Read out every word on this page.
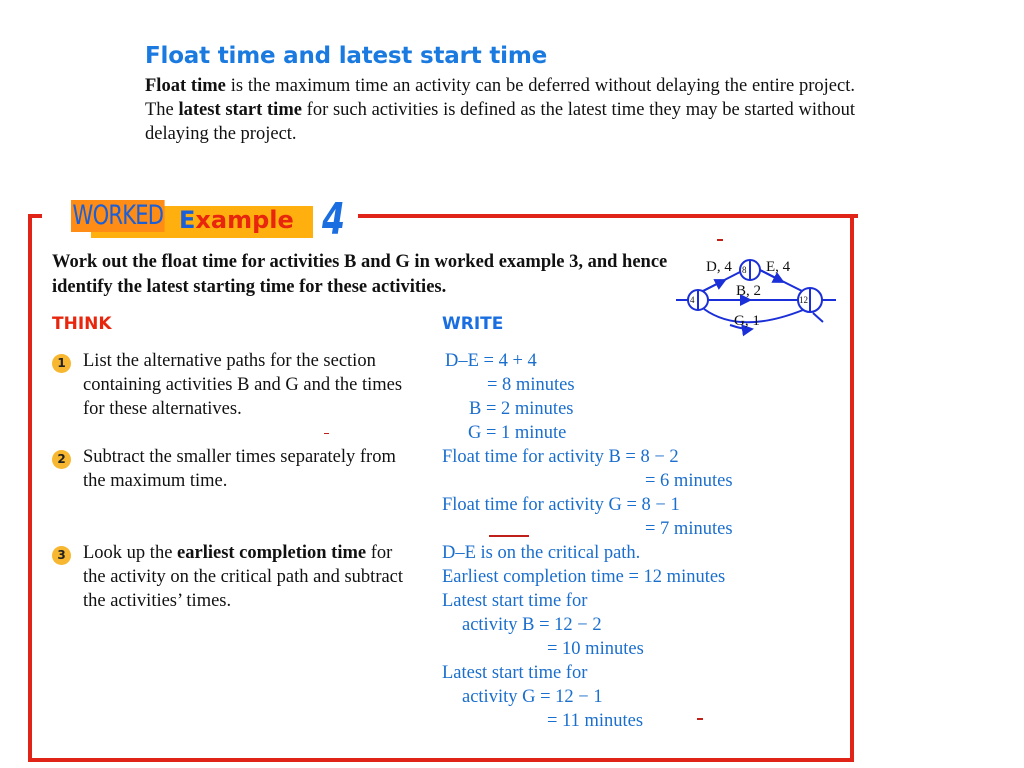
Float time and latest start time

Float time is the maximum time an activity can be deferred without delaying the entire project. The latest start time for such activities is defined as the latest time they may be started without delaying the project.

WORKED Example 4
Work out the float time for activities B and G in worked example 3, and hence identify the latest starting time for these activities.
D, 4 E, 4
B, 2
G, 1
4
8
12
THINK	WRITE
1 List the alternative paths for the section containing activities B and G and the times for these alternatives.
2 Subtract the smaller times separately from the maximum time.
3 Look up the earliest completion time for the activity on the critical path and subtract the activities’ times.
D–E = 4 + 4
= 8 minutes
B = 2 minutes
G = 1 minute
Float time for activity B = 8 − 2
= 6 minutes
Float time for activity G = 8 − 1
= 7 minutes
D–E is on the critical path.
Earliest completion time = 12 minutes
Latest start time for
activity B = 12 − 2
= 10 minutes
Latest start time for
activity G = 12 − 1
= 11 minutes
